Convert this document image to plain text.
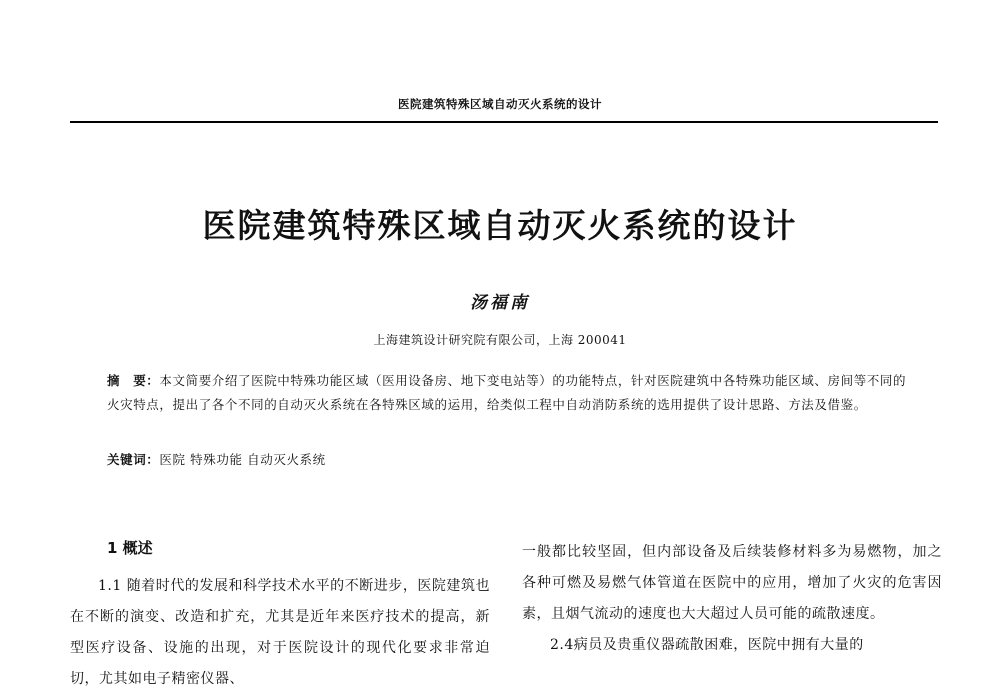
医院建筑特殊区域自动灭火系统的设计
医院建筑特殊区域自动灭火系统的设计
汤福南
上海建筑设计研究院有限公司，上海 200041
摘　要：本文简要介绍了医院中特殊功能区域（医用设备房、地下变电站等）的功能特点，针对医院建筑中各特殊功能区域、房间等不同的火灾特点，提出了各个不同的自动灭火系统在各特殊区域的运用，给类似工程中自动消防系统的选用提供了设计思路、方法及借鉴。
关键词：医院 特殊功能 自动灭火系统
1 概述

1.1 随着时代的发展和科学技术水平的不断进步，医院建筑也在不断的演变、改造和扩充，尤其是近年来医疗技术的提高，新型医疗设备、设施的出现，对于医院设计的现代化要求非常迫切，尤其如电子精密仪器、

一般都比较坚固，但内部设备及后续装修材料多为易燃物，加之各种可燃及易燃气体管道在医院中的应用，增加了火灾的危害因素，且烟气流动的速度也大大超过人员可能的疏散速度。

2.4病员及贵重仪器疏散困难，医院中拥有大量的
